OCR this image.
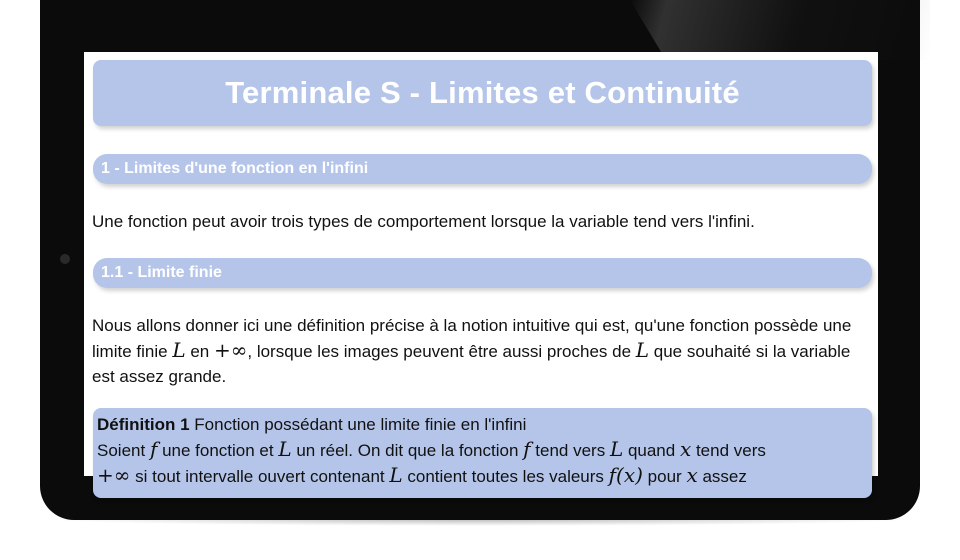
Terminale S - Limites et Continuité
1 - Limites d'une fonction en l'infini
Une fonction peut avoir trois types de comportement lorsque la variable tend vers l'infini.
1.1 - Limite finie
Nous allons donner ici une définition précise à la notion intuitive qui est, qu'une fonction possède une limite finie L en +∞, lorsque les images peuvent être aussi proches de L que souhaité si la variable est assez grande.
Définition 1 Fonction possédant une limite finie en l'infini
Soient f une fonction et L un réel. On dit que la fonction f tend vers L quand x tend vers
+∞ si tout intervalle ouvert contenant L contient toutes les valeurs f(x) pour x assez
